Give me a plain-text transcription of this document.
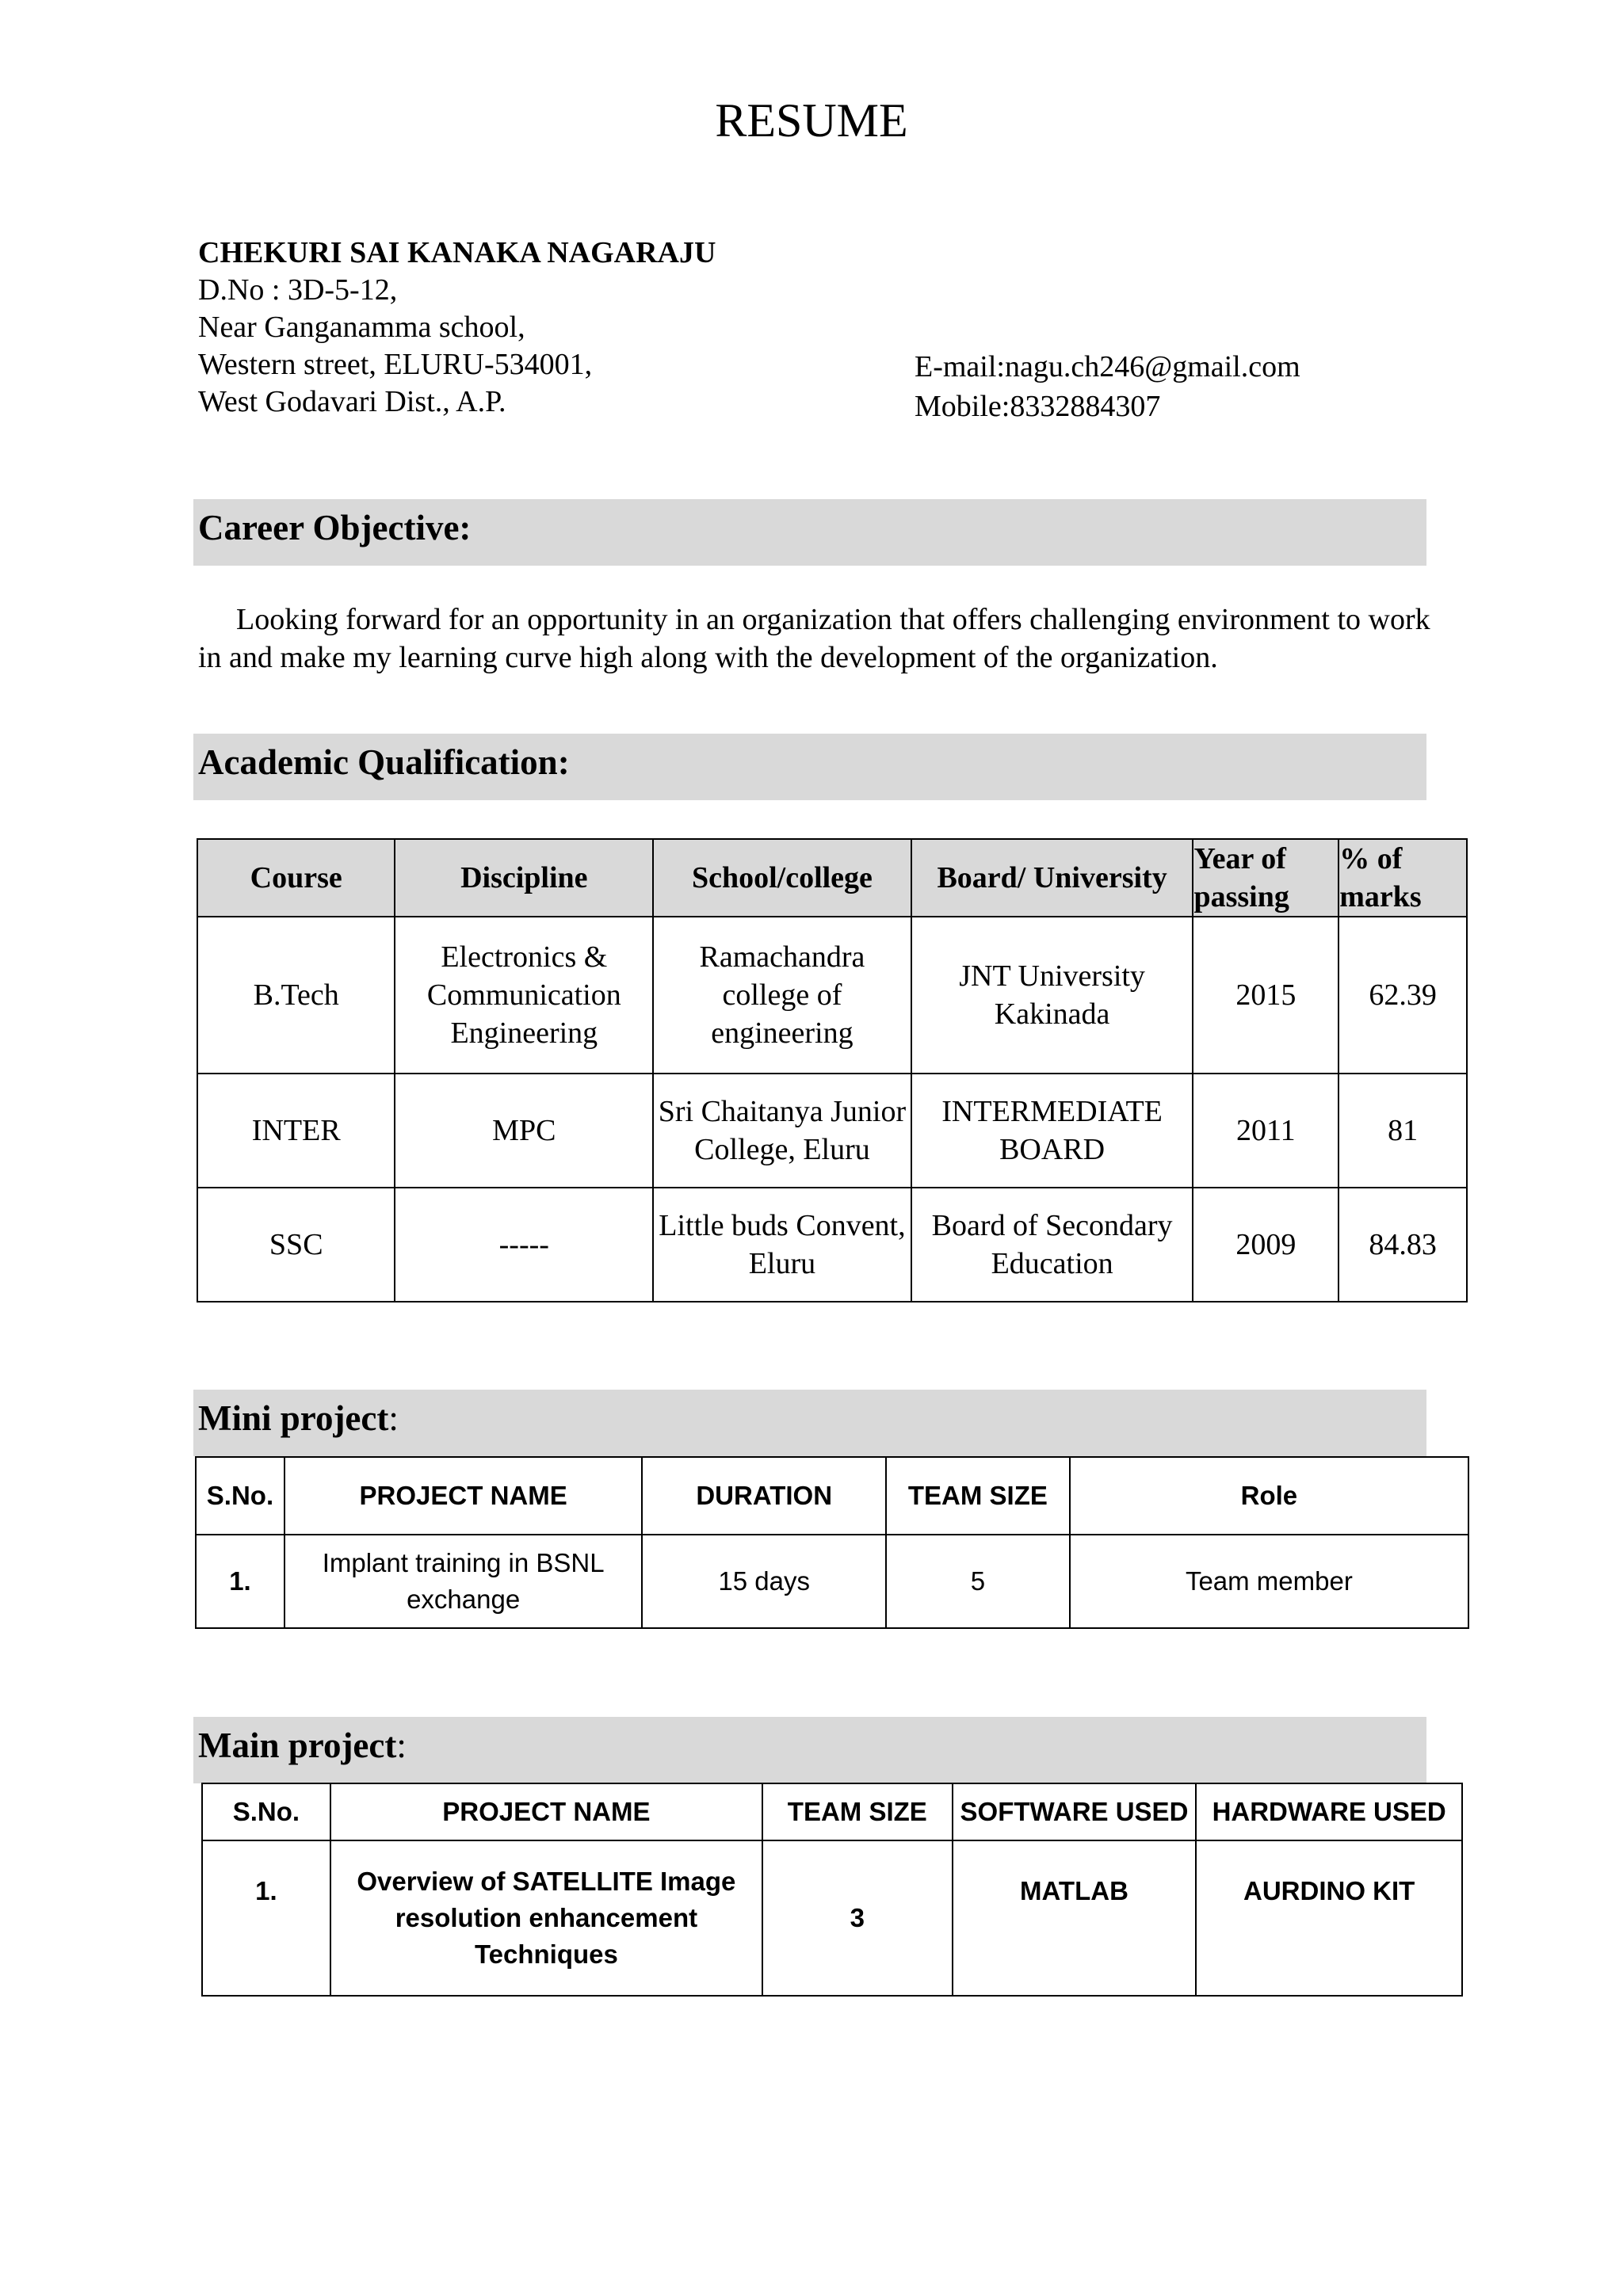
RESUME
CHEKURI SAI KANAKA NAGARAJU
D.No : 3D-5-12,
Near Ganganamma school,
Western street, ELURU-534001,
West Godavari Dist., A.P.
E-mail:nagu.ch246@gmail.com
Mobile:8332884307
Career Objective:
Looking forward for an opportunity in an organization that offers challenging environment to work in and make my learning curve high along with the development of the organization.
Academic Qualification:
Course	Discipline	School/college	Board/ University	Year of passing	% of marks
B.Tech	Electronics & Communication Engineering	Ramachandra college of engineering	JNT University Kakinada	2015	62.39
INTER	MPC	Sri Chaitanya Junior College, Eluru	INTERMEDIATE BOARD	2011	81
SSC	-----	Little buds Convent, Eluru	Board of Secondary Education	2009	84.83
Mini project:
S.No.	PROJECT NAME	DURATION	TEAM SIZE	Role
1.	Implant training in BSNL exchange	15 days	5	Team member
Main project:
S.No.	PROJECT NAME	TEAM SIZE	SOFTWARE USED	HARDWARE USED
1.	Overview of SATELLITE Image resolution enhancement Techniques	3	MATLAB	AURDINO KIT
